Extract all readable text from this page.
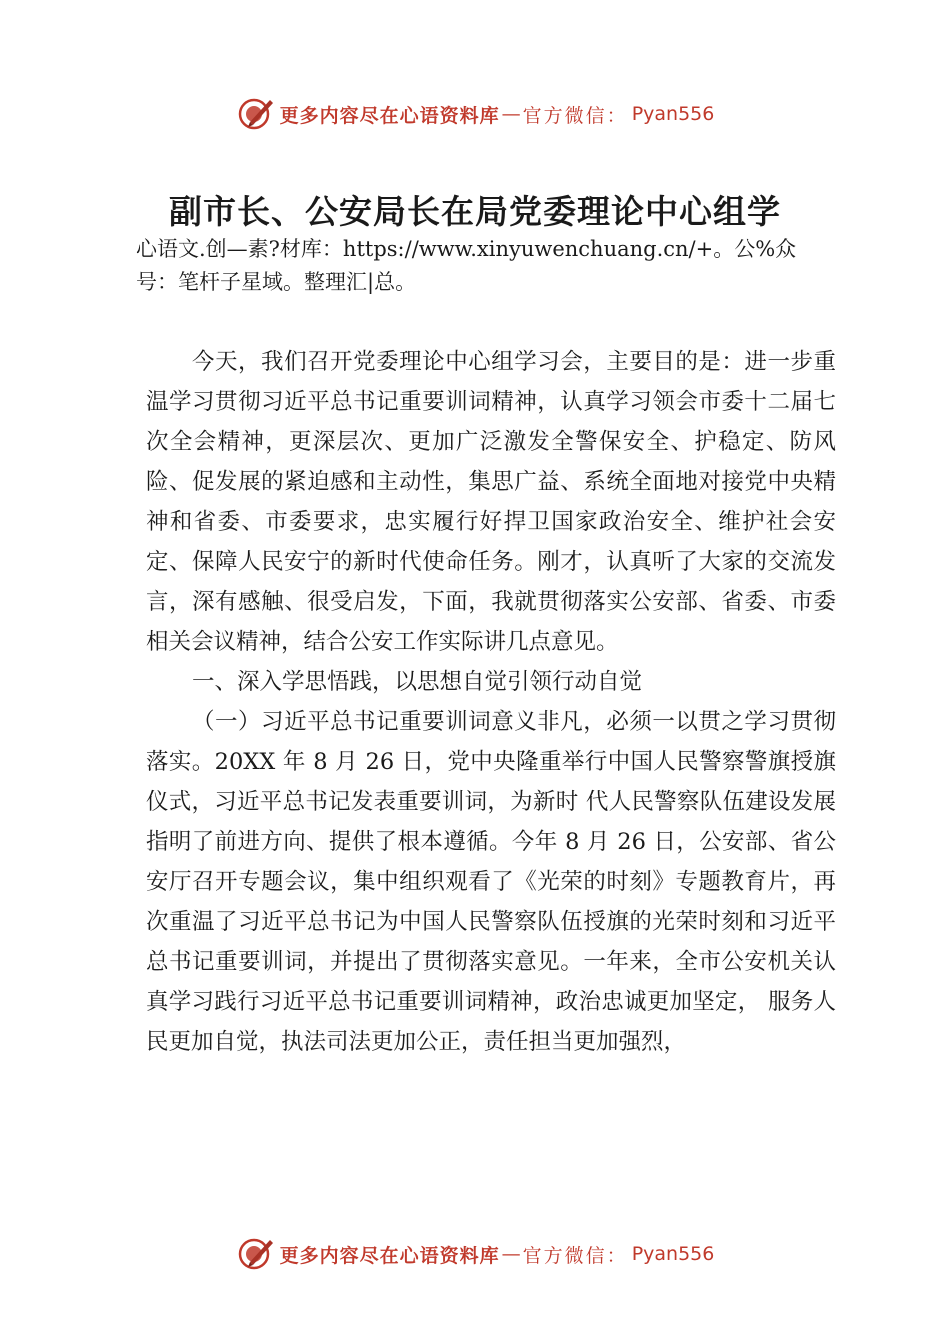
更多内容尽在心语资料库 — 官方微信： Pyan556
副市长、公安局长在局党委理论中心组学

心语文.创—素?材库：https://www.xinyuwenchuang.cn/+。公%众号：笔杆子星域。整理汇|总。

今天，我们召开党委理论中心组学习会，主要目的是：进一步重温学习贯彻习近平总书记重要训词精神，认真学习领会市委十二届七次全会精神，更深层次、更加广泛激发全警保安全、护稳定、防风险、促发展的紧迫感和主动性，集思广益、系统全面地对接党中央精神和省委、市委要求，忠实履行好捍卫国家政治安全、维护社会安定、保障人民安宁的新时代使命任务。刚才，认真听了大家的交流发言，深有感触、很受启发，下面，我就贯彻落实公安部、省委、市委相关会议精神，结合公安工作实际讲几点意见。

一、深入学思悟践，以思想自觉引领行动自觉

（一）习近平总书记重要训词意义非凡，必须一以贯之学习贯彻落实。20XX 年 8 月 26 日，党中央隆重举行中国人民警察警旗授旗仪式，习近平总书记发表重要训词，为新时 代人民警察队伍建设发展指明了前进方向、提供了根本遵循。今年 8 月 26 日，公安部、省公安厅召开专题会议，集中组织观看了《光荣的时刻》专题教育片，再次重温了习近平总书记为中国人民警察队伍授旗的光荣时刻和习近平总书记重要训词，并提出了贯彻落实意见。一年来，全市公安机关认 真学习践行习近平总书记重要训词精神，政治忠诚更加坚定， 服务人民更加自觉，执法司法更加公正，责任担当更加强烈，

更多内容尽在心语资料库 — 官方微信： Pyan556
